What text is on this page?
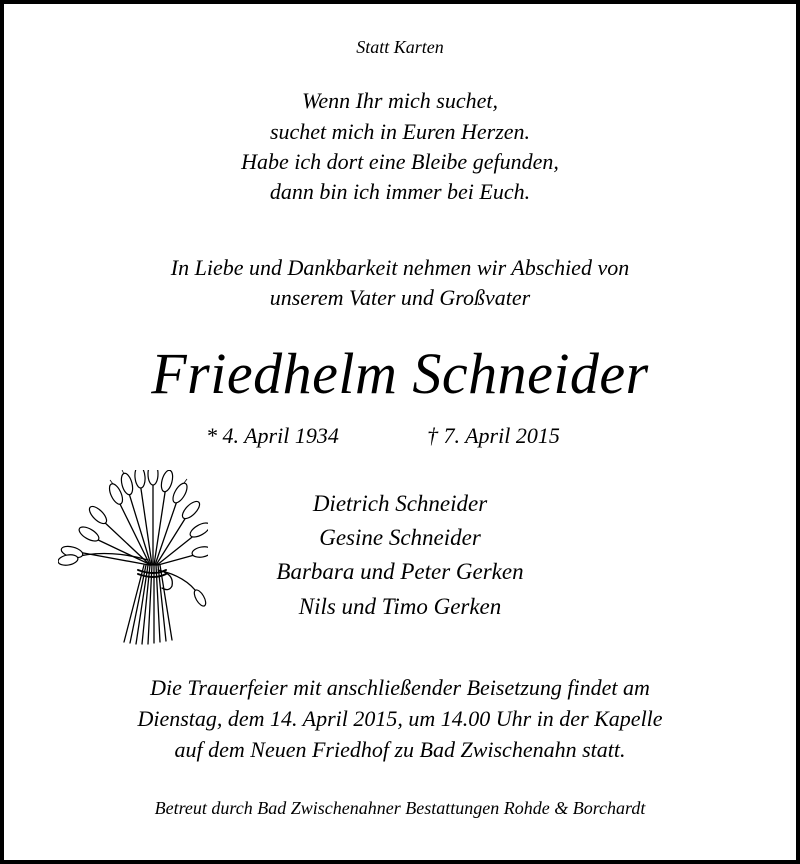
Statt Karten
Wenn Ihr mich suchet,
suchet mich in Euren Herzen.
Habe ich dort eine Bleibe gefunden,
dann bin ich immer bei Euch.
In Liebe und Dankbarkeit nehmen wir Abschied von
unserem Vater und Großvater
Friedhelm Schneider
* 4. April 1934	† 7. April 2015
Dietrich Schneider
Gesine Schneider
Barbara und Peter Gerken
Nils und Timo Gerken
Die Trauerfeier mit anschließender Beisetzung findet am
Dienstag, dem 14. April 2015, um 14.00 Uhr in der Kapelle
auf dem Neuen Friedhof zu Bad Zwischenahn statt.
Betreut durch Bad Zwischenahner Bestattungen Rohde & Borchardt
